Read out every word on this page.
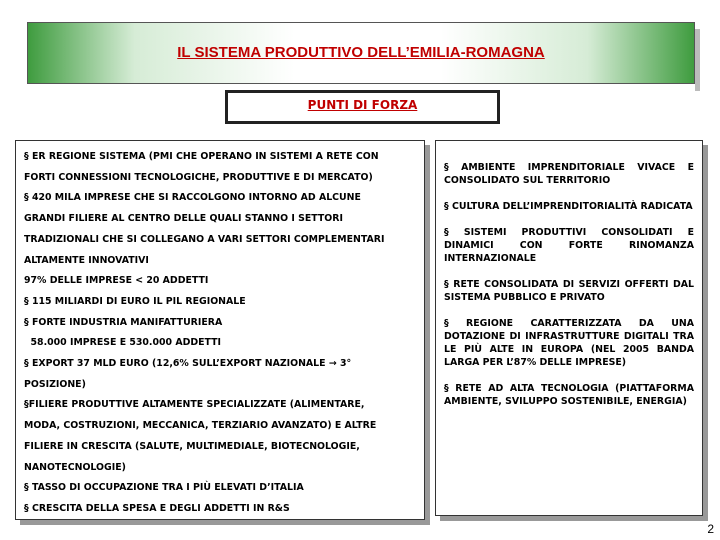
IL SISTEMA PRODUTTIVO DELL’EMILIA-ROMAGNA
PUNTI DI FORZA

§ ER REGIONE SISTEMA (PMI CHE OPERANO IN SISTEMI A RETE CON

FORTI CONNESSIONI TECNOLOGICHE, PRODUTTIVE E DI MERCATO)

§ 420 MILA IMPRESE CHE SI RACCOLGONO INTORNO AD ALCUNE

GRANDI FILIERE AL CENTRO DELLE QUALI STANNO I SETTORI

TRADIZIONALI CHE SI COLLEGANO A VARI SETTORI COMPLEMENTARI

ALTAMENTE INNOVATIVI

97% DELLE IMPRESE < 20 ADDETTI

§ 115 MILIARDI DI EURO IL PIL REGIONALE

§ FORTE INDUSTRIA MANIFATTURIERA

58.000 IMPRESE E 530.000 ADDETTI

§ EXPORT 37 MLD EURO (12,6% SULL’EXPORT NAZIONALE → 3°

POSIZIONE)

§FILIERE PRODUTTIVE ALTAMENTE SPECIALIZZATE (ALIMENTARE,

MODA, COSTRUZIONI, MECCANICA, TERZIARIO AVANZATO) E ALTRE

FILIERE IN CRESCITA (SALUTE, MULTIMEDIALE, BIOTECNOLOGIE,

NANOTECNOLOGIE)

§ TASSO DI OCCUPAZIONE TRA I PIÙ ELEVATI D’ITALIA

§ CRESCITA DELLA SPESA E DEGLI ADDETTI IN R&S

§ AMBIENTE IMPRENDITORIALE VIVACE E CONSOLIDATO SUL TERRITORIO

§ CULTURA DELL’IMPRENDITORIALITÀ RADICATA

§ SISTEMI PRODUTTIVI CONSOLIDATI E DINAMICI CON FORTE RINOMANZA INTERNAZIONALE

§ RETE CONSOLIDATA DI SERVIZI OFFERTI DAL SISTEMA PUBBLICO E PRIVATO

§ REGIONE CARATTERIZZATA DA UNA DOTAZIONE DI INFRASTRUTTURE DIGITALI TRA LE PIÙ ALTE IN EUROPA (NEL 2005 BANDA LARGA PER L’87% DELLE IMPRESE)

§ RETE AD ALTA TECNOLOGIA (PIATTAFORMA AMBIENTE, SVILUPPO SOSTENIBILE, ENERGIA)

2
